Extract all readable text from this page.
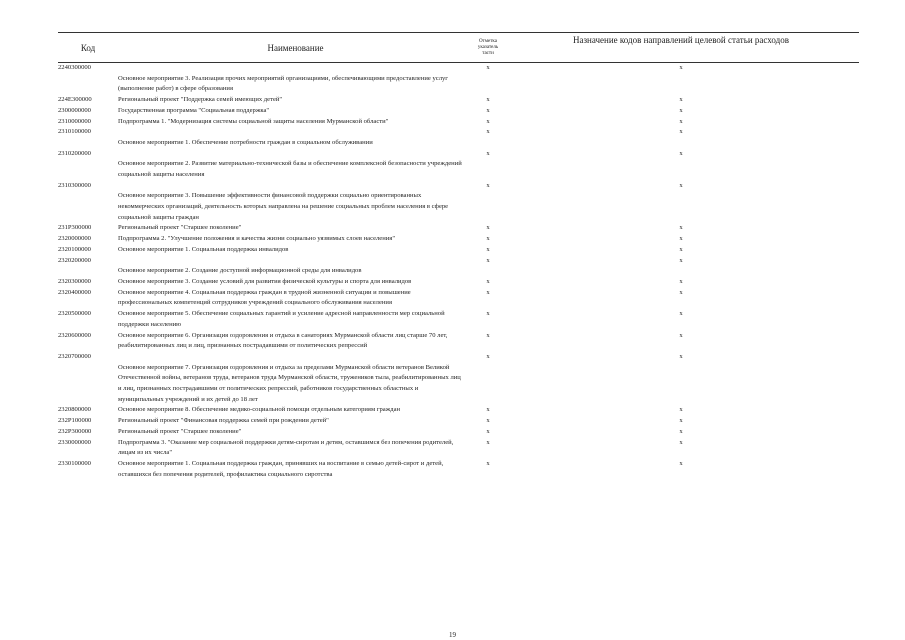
Код	Наименование	Отметка указатель тасти	Назначение кодов направлений целевой статьи расходов
2240300000	Основное мероприятие 3. Реализация прочих мероприятий организациями, обеспечивающими предоставление услуг (выполнение работ) в сфере образования	x	x
224E300000	Региональный проект "Поддержка семей имеющих детей"	x	x
2300000000	Государственная программа "Социальная поддержка"	x	x
2310000000	Подпрограмма 1. "Модернизация системы социальной защиты населения Мурманской области"	x	x
2310100000	Основное мероприятие 1. Обеспечение потребности граждан в социальном обслуживании	x	x
2310200000	Основное мероприятие 2. Развитие материально-технической базы и обеспечение комплексной безопасности учреждений социальной защиты населения	x	x
2310300000	Основное мероприятие 3. Повышение эффективности финансовой поддержки социально ориентированных некоммерческих организаций, деятельность которых направлена на решение социальных проблем населения в сфере социальной защиты граждан	x	x
231P300000	Региональный проект "Старшее поколение"	x	x
2320000000	Подпрограмма 2. "Улучшение положения и качества жизни социально уязвимых слоев населения"	x	x
2320100000	Основное мероприятие 1. Социальная поддержка инвалидов	x	x
2320200000	Основное мероприятие 2. Создание доступной информационной среды для инвалидов	x	x
2320300000	Основное мероприятие 3. Создание условий для развития физической культуры и спорта для инвалидов	x	x
2320400000	Основное мероприятие 4. Социальная поддержка граждан в трудной жизненной ситуации и повышение профессиональных компетенций сотрудников учреждений социального обслуживания населения	x	x
2320500000	Основное мероприятие 5. Обеспечение социальных гарантий и усиление адресной направленности мер социальной поддержки населению	x	x
2320600000	Основное мероприятие 6. Организация оздоровления и отдыха в санаториях Мурманской области лиц старше 70 лет, реабилитированных лиц и лиц, признанных пострадавшими от политических репрессий	x	x
2320700000	Основное мероприятие 7. Организация оздоровления и отдыха за пределами Мурманской области ветеранов Великой Отечественной войны, ветеранов труда, ветеранов труда Мурманской области, тружеников тыла, реабилитированных лиц и лиц, признанных пострадавшими от политических репрессий, работников государственных областных и муниципальных учреждений и их детей до 18 лет	x	x
2320800000	Основное мероприятие 8. Обеспечение медико-социальной помощи отдельным категориям граждан	x	x
232P100000	Региональный проект "Финансовая поддержка семей при рождении детей"	x	x
232P300000	Региональный проект "Старшее поколение"	x	x
2330000000	Подпрограмма 3. "Оказание мер социальной поддержки детям-сиротам и детям, оставшимся без попечения родителей, лицам из их числа"	x	x
2330100000	Основное мероприятие 1. Социальная поддержка граждан, принявших на воспитание в семью детей-сирот и детей, оставшихся без попечения родителей, профилактика социального сиротства	x	x
19
